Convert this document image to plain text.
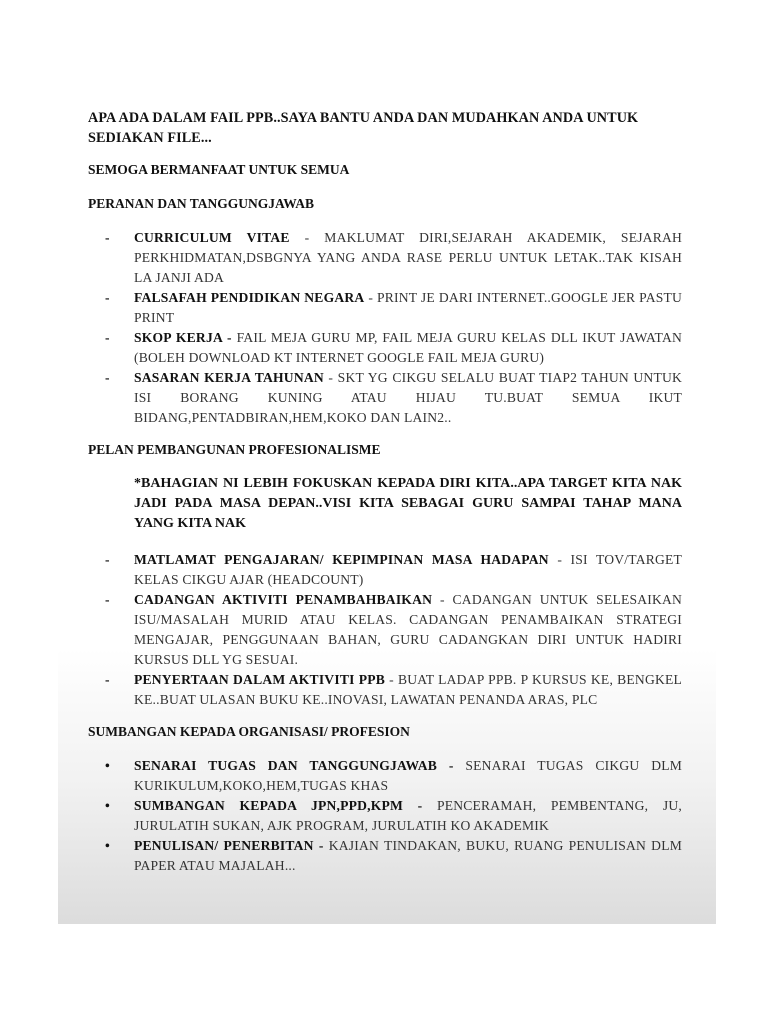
APA ADA DALAM FAIL PPB..SAYA BANTU ANDA DAN MUDAHKAN ANDA UNTUK SEDIAKAN FILE...

SEMOGA BERMANFAAT UNTUK SEMUA

PERANAN DAN TANGGUNGJAWAB

- CURRICULUM VITAE - MAKLUMAT DIRI,SEJARAH AKADEMIK, SEJARAH PERKHIDMATAN,DSBGNYA YANG ANDA RASE PERLU UNTUK LETAK..TAK KISAH LA JANJI ADA
- FALSAFAH PENDIDIKAN NEGARA - PRINT JE DARI INTERNET..GOOGLE JER PASTU PRINT
- SKOP KERJA - FAIL MEJA GURU MP, FAIL MEJA GURU KELAS DLL IKUT JAWATAN (BOLEH DOWNLOAD KT INTERNET GOOGLE FAIL MEJA GURU)
- SASARAN KERJA TAHUNAN - SKT YG CIKGU SELALU BUAT TIAP2 TAHUN UNTUK ISI BORANG KUNING ATAU HIJAU TU.BUAT SEMUA IKUT BIDANG,PENTADBIRAN,HEM,KOKO DAN LAIN2..

PELAN PEMBANGUNAN PROFESIONALISME

*BAHAGIAN NI LEBIH FOKUSKAN KEPADA DIRI KITA..APA TARGET KITA NAK JADI PADA MASA DEPAN..VISI KITA SEBAGAI GURU SAMPAI TAHAP MANA YANG KITA NAK

- MATLAMAT PENGAJARAN/ KEPIMPINAN MASA HADAPAN - ISI TOV/TARGET KELAS CIKGU AJAR (HEADCOUNT)
- CADANGAN AKTIVITI PENAMBAHBAIKAN - CADANGAN UNTUK SELESAIKAN ISU/MASALAH MURID ATAU KELAS. CADANGAN PENAMBAIKAN STRATEGI MENGAJAR, PENGGUNAAN BAHAN, GURU CADANGKAN DIRI UNTUK HADIRI KURSUS DLL YG SESUAI.
- PENYERTAAN DALAM AKTIVITI PPB - BUAT LADAP PPB. P KURSUS KE, BENGKEL KE..BUAT ULASAN BUKU KE..INOVASI, LAWATAN PENANDA ARAS, PLC

SUMBANGAN KEPADA ORGANISASI/ PROFESION

• SENARAI TUGAS DAN TANGGUNGJAWAB - SENARAI TUGAS CIKGU DLM KURIKULUM,KOKO,HEM,TUGAS KHAS
• SUMBANGAN KEPADA JPN,PPD,KPM - PENCERAMAH, PEMBENTANG, JU, JURULATIH SUKAN, AJK PROGRAM, JURULATIH KO AKADEMIK
• PENULISAN/ PENERBITAN - KAJIAN TINDAKAN, BUKU, RUANG PENULISAN DLM PAPER ATAU MAJALAH...
